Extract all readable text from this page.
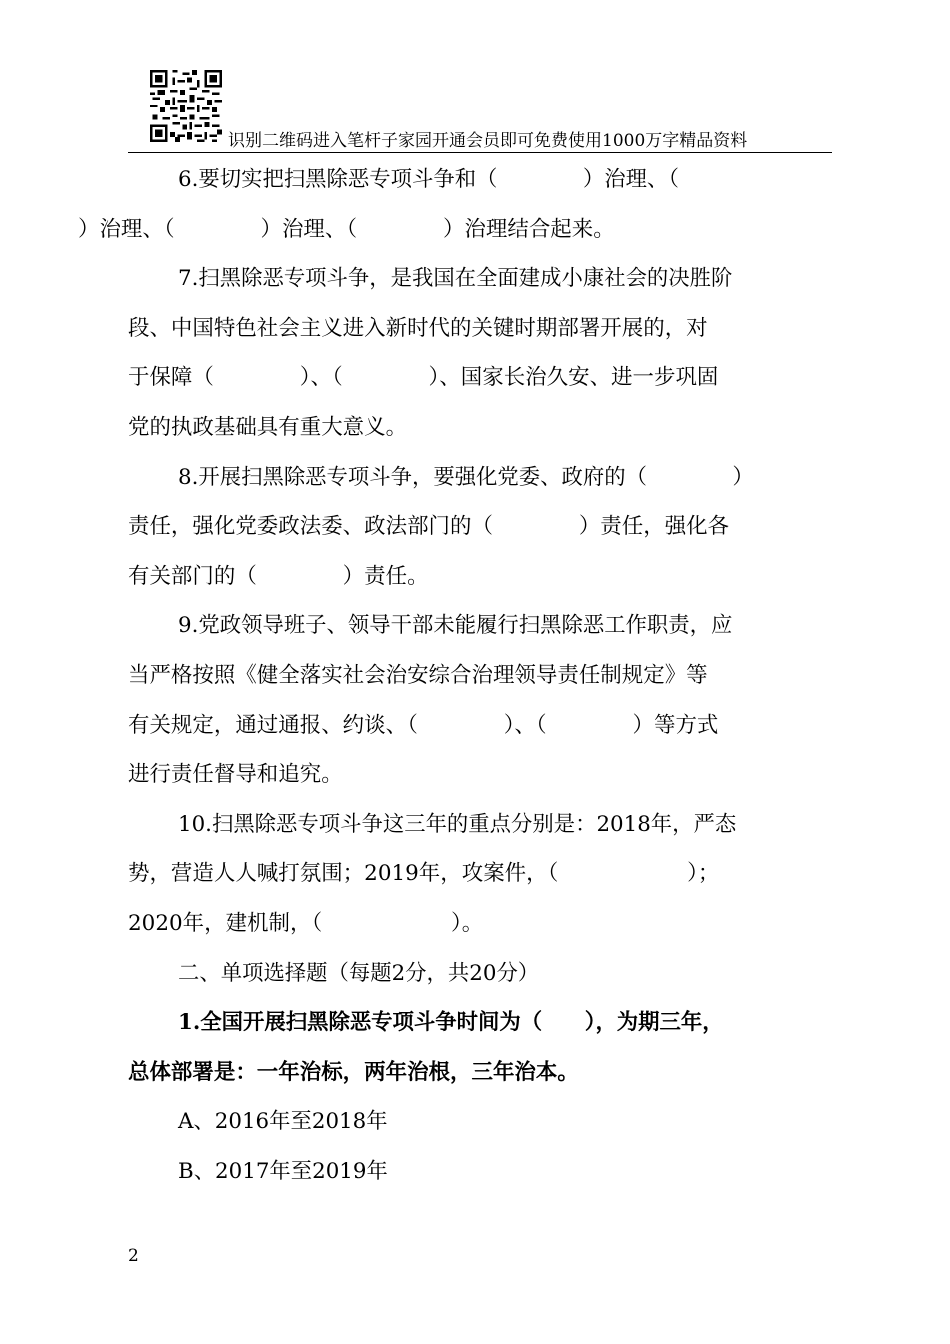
识别二维码进入笔杆子家园开通会员即可免费使用1000万字精品资料

6.要切实把扫黑除恶专项斗争和（　　　　）治理、（
）治理、（　　　　）治理、（　　　　）治理结合起来。

7.扫黑除恶专项斗争，是我国在全面建成小康社会的决胜阶
段、中国特色社会主义进入新时代的关键时期部署开展的，对
于保障（　　　　）、（　　　　）、国家长治久安、进一步巩固
党的执政基础具有重大意义。

8.开展扫黑除恶专项斗争，要强化党委、政府的（　　　　）
责任，强化党委政法委、政法部门的（　　　　）责任，强化各
有关部门的（　　　　）责任。

9.党政领导班子、领导干部未能履行扫黑除恶工作职责，应
当严格按照《健全落实社会治安综合治理领导责任制规定》等
有关规定，通过通报、约谈、（　　　　）、（　　　　）等方式
进行责任督导和追究。

10.扫黑除恶专项斗争这三年的重点分别是：2018年，严态
势，营造人人喊打氛围；2019年，攻案件，（　　　　　　）；
2020年，建机制，（　　　　　　）。

二、单项选择题（每题2分，共20分）

1.全国开展扫黑除恶专项斗争时间为（　　），为期三年，
总体部署是：一年治标，两年治根，三年治本。

A、2016年至2018年

B、2017年至2019年

2
